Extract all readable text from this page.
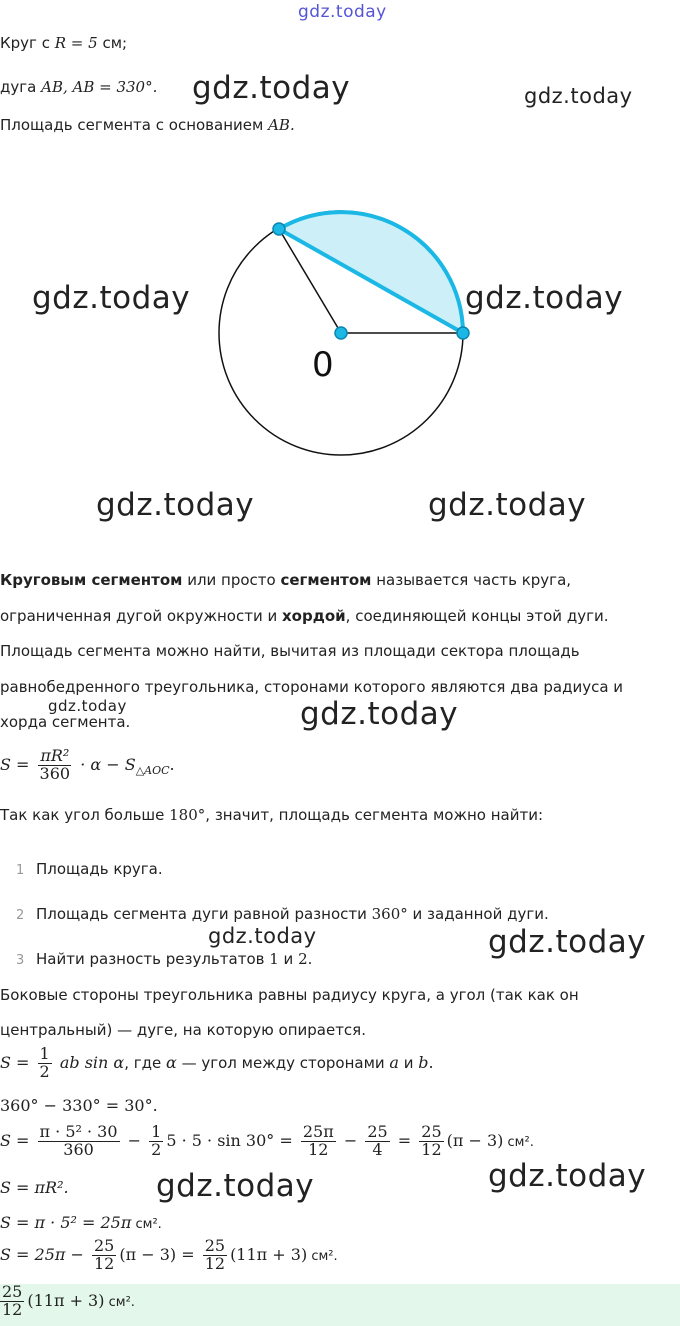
gdz.today
Круг с R = 5 см;
дуга AB, AB = 330°. gdz.today	gdz.today
Площадь сегмента с основанием AB.
0
gdz.today	gdz.today
gdz.today	gdz.today
Круговым сегментом или просто сегментом называется часть круга,
ограниченная дугой окружности и хордой, соединяющей концы этой дуги.
Площадь сегмента можно найти, вычитая из площади сектора площадь
равнобедренного треугольника, сторонами которого являются два радиуса и
хорда сегмента.
gdz.today	gdz.today
$S = \frac{\text{πR²}}{360} \cdot \alpha - S_{\triangle AOC}$.
Так как угол больше 180°, значит, площадь сегмента можно найти:
1 Площадь круга.
2 Площадь сегмента дуги равной разности 360° и заданной дуги.
3 Найти разность результатов 1 и 2.
gdz.today	gdz.today
Боковые стороны треугольника равны радиусу круга, а угол (так как он
центральный) — дуге, на которую опирается.
$S = \frac{1}{2}$ ab sin α, где α — угол между сторонами a и b.
360° − 330° = 30°.
$S = \frac{\text{π · 5² · 30}}{360} - \frac{1}{2} 5 \cdot 5 \cdot \sin 30^\circ = \frac{25\pi}{12} - \frac{25}{4} = \frac{25}{12} (\pi - 3)$ см².
S = πR².	gdz.today	gdz.today
S = π · 5² = 25π см².
$S = 25\pi - \frac{25}{12} (\pi - 3) = \frac{25}{12} (11\pi + 3)$ см².
$\frac{25}{12} (11\pi + 3)$ см².
